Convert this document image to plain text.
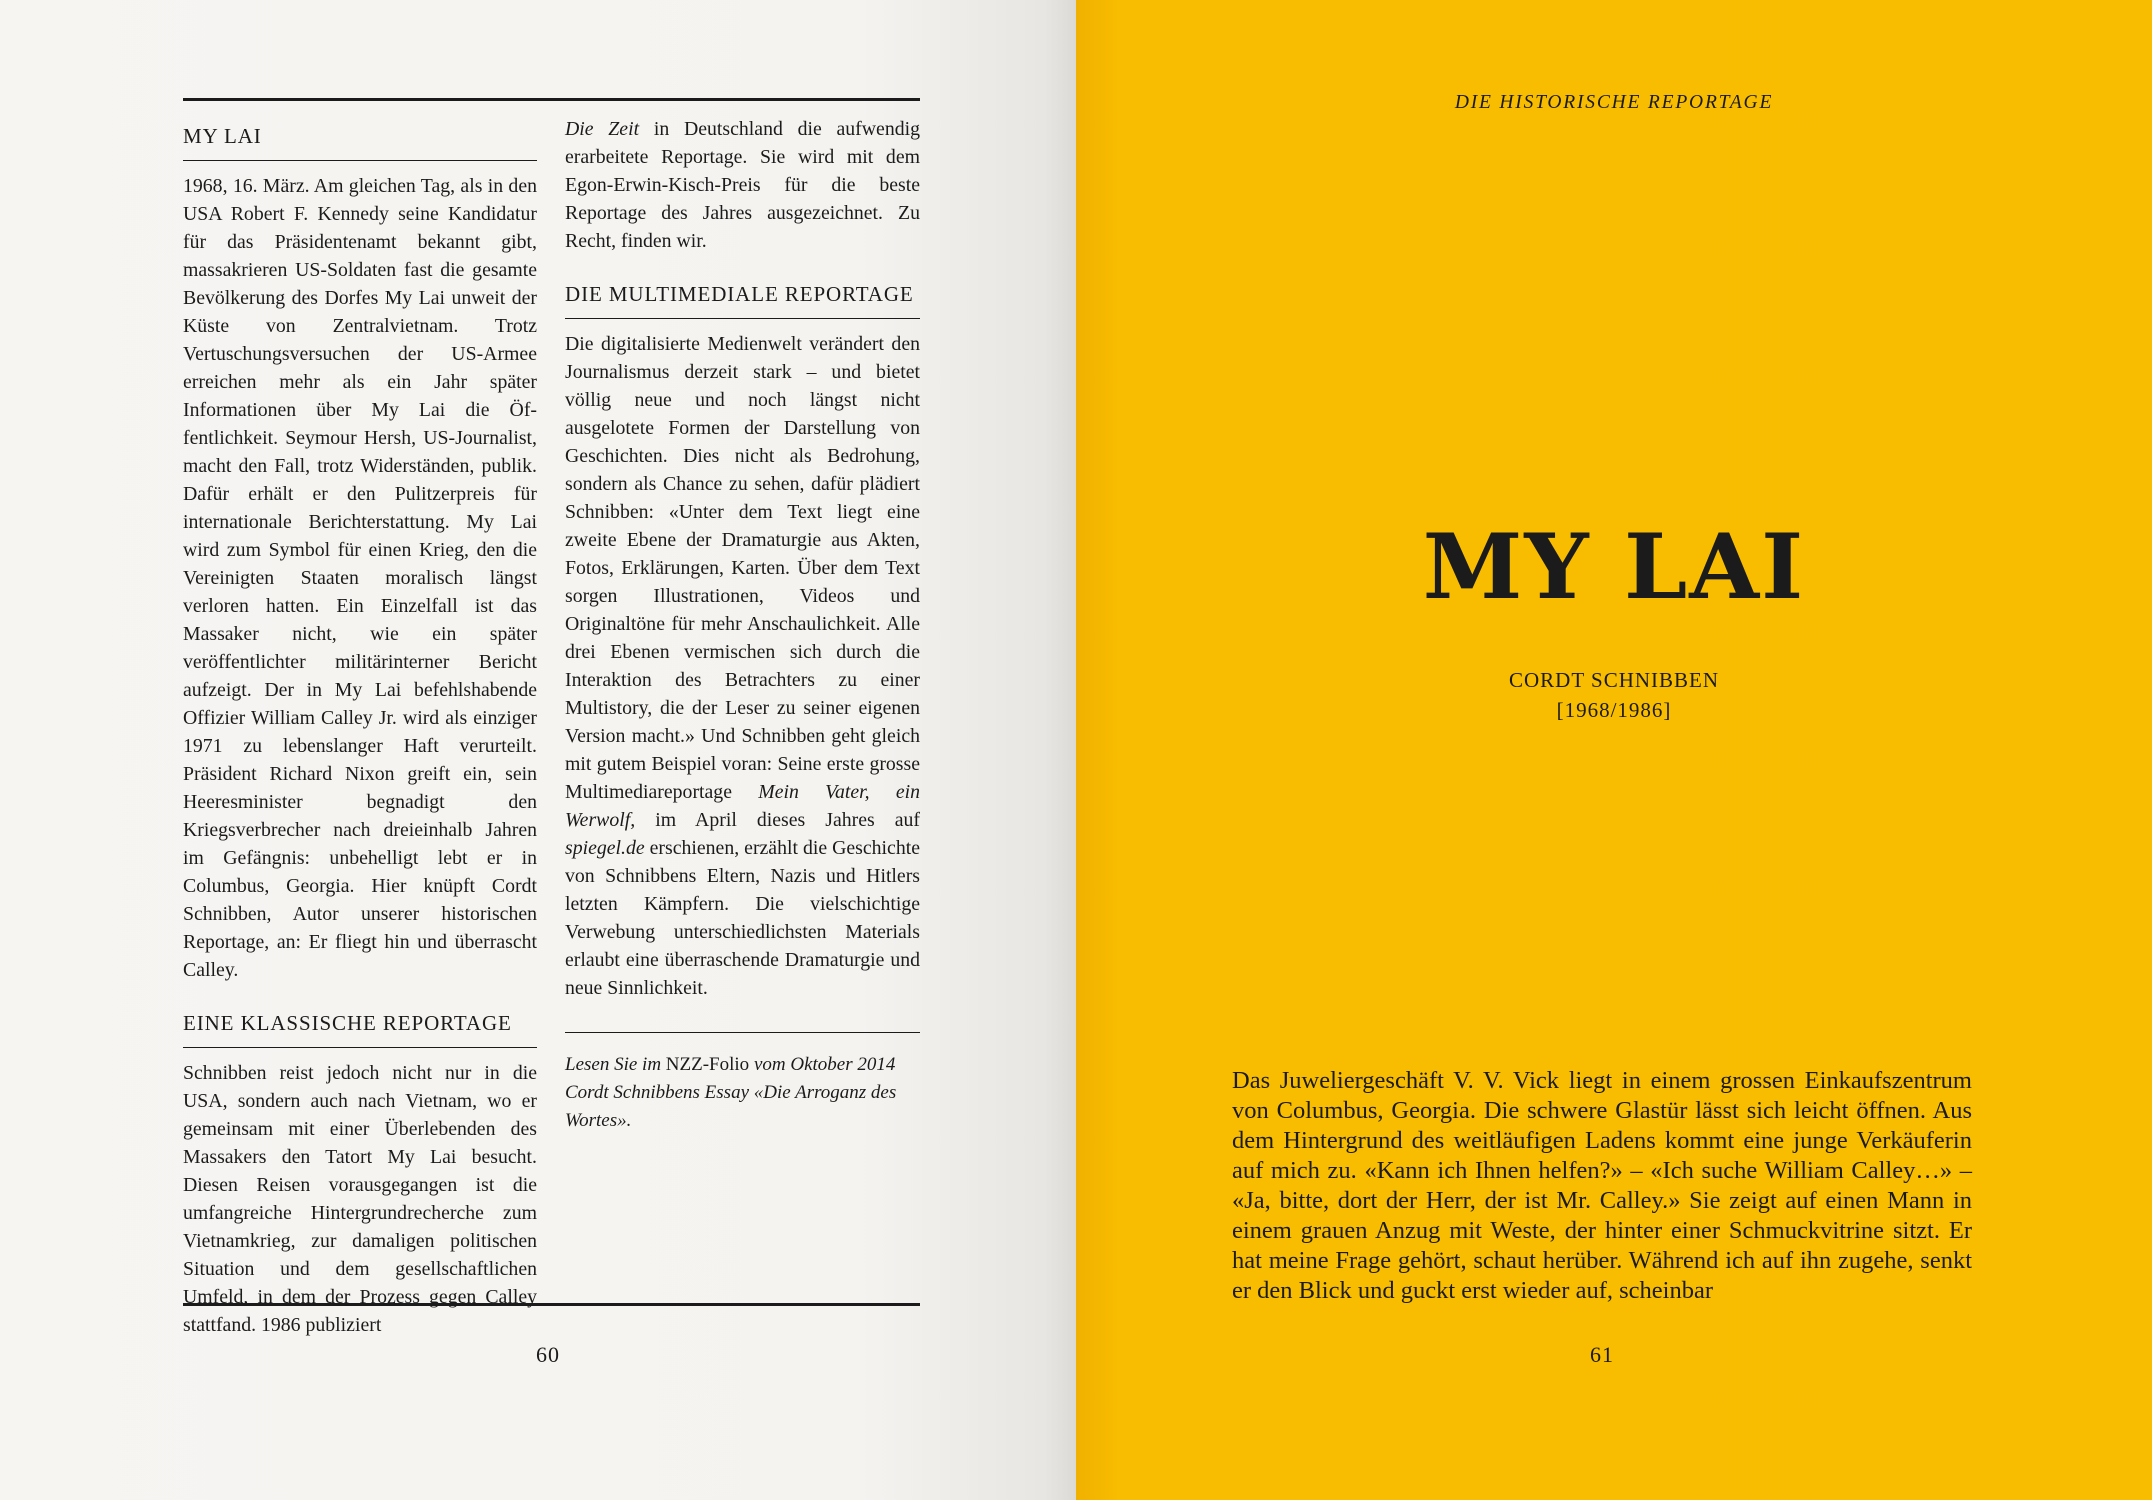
MY LAI

1968, 16. März. Am gleichen Tag, als in den USA Robert F. Kennedy seine Kandidatur für das Präsidentenamt bekannt gibt, massakrieren US-Soldaten fast die gesamte Bevölkerung des Dorfes My Lai unweit der Küste von Zentralvietnam. Trotz Vertuschungsversuchen der US-Armee erreichen mehr als ein Jahr später Informationen über My Lai die Öffentlichkeit. Seymour Hersh, US-Journalist, macht den Fall, trotz Widerständen, publik. Dafür erhält er den Pulitzerpreis für internationale Berichterstattung. My Lai wird zum Symbol für einen Krieg, den die Vereinigten Staaten moralisch längst verloren hatten. Ein Einzelfall ist das Massaker nicht, wie ein später veröffentlichter militärinterner Bericht aufzeigt. Der in My Lai befehlshabende Offizier William Calley Jr. wird als einziger 1971 zu lebenslanger Haft verurteilt. Präsident Richard Nixon greift ein, sein Heeresminister begnadigt den Kriegsverbrecher nach dreieinhalb Jahren im Gefängnis: unbehelligt lebt er in Columbus, Georgia. Hier knüpft Cordt Schnibben, Autor unserer historischen Reportage, an: Er fliegt hin und überrascht Calley.

EINE KLASSISCHE REPORTAGE

Schnibben reist jedoch nicht nur in die USA, sondern auch nach Vietnam, wo er gemeinsam mit einer Überlebenden des Massakers den Tatort My Lai besucht. Diesen Reisen vorausgegangen ist die umfangreiche Hintergrundrecherche zum Vietnamkrieg, zur damaligen politischen Situation und dem gesellschaftlichen Umfeld, in dem der Prozess gegen Calley stattfand. 1986 publiziert

Die Zeit in Deutschland die aufwendig erarbeitete Reportage. Sie wird mit dem Egon-Erwin-Kisch-Preis für die beste Reportage des Jahres ausgezeichnet. Zu Recht, finden wir.

DIE MULTIMEDIALE REPORTAGE

Die digitalisierte Medienwelt verändert den Journalismus derzeit stark – und bietet völlig neue und noch längst nicht ausgelotete Formen der Darstellung von Geschichten. Dies nicht als Bedrohung, sondern als Chance zu sehen, dafür plädiert Schnibben: «Unter dem Text liegt eine zweite Ebene der Dramaturgie aus Akten, Fotos, Erklärungen, Karten. Über dem Text sorgen Illustrationen, Videos und Originaltöne für mehr Anschaulichkeit. Alle drei Ebenen vermischen sich durch die Interaktion des Betrachters zu einer Multistory, die der Leser zu seiner eigenen Version macht.» Und Schnibben geht gleich mit gutem Beispiel voran: Seine erste grosse Multimediareportage Mein Vater, ein Werwolf, im April dieses Jahres auf spiegel.de erschienen, erzählt die Geschichte von Schnibbens Eltern, Nazis und Hitlers letzten Kämpfern. Die vielschichtige Verwebung unterschiedlichsten Materials erlaubt eine überraschende Dramaturgie und neue Sinnlichkeit.

Lesen Sie im NZZ-Folio vom Oktober 2014 Cordt Schnibbens Essay «Die Arroganz des Wortes».

60
DIE HISTORISCHE REPORTAGE
MY LAI
CORDT SCHNIBBEN
[1968/1986]
61

Das Juweliergeschäft V. V. Vick liegt in einem grossen Einkaufszentrum von Columbus, Georgia. Die schwere Glastür lässt sich leicht öffnen. Aus dem Hintergrund des weitläufigen Ladens kommt eine junge Verkäuferin auf mich zu. «Kann ich Ihnen helfen?» – «Ich suche William Calley…» – «Ja, bitte, dort der Herr, der ist Mr. Calley.» Sie zeigt auf einen Mann in einem grauen Anzug mit Weste, der hinter einer Schmuckvitrine sitzt. Er hat meine Frage gehört, schaut herüber. Während ich auf ihn zugehe, senkt er den Blick und guckt erst wieder auf, scheinbar
